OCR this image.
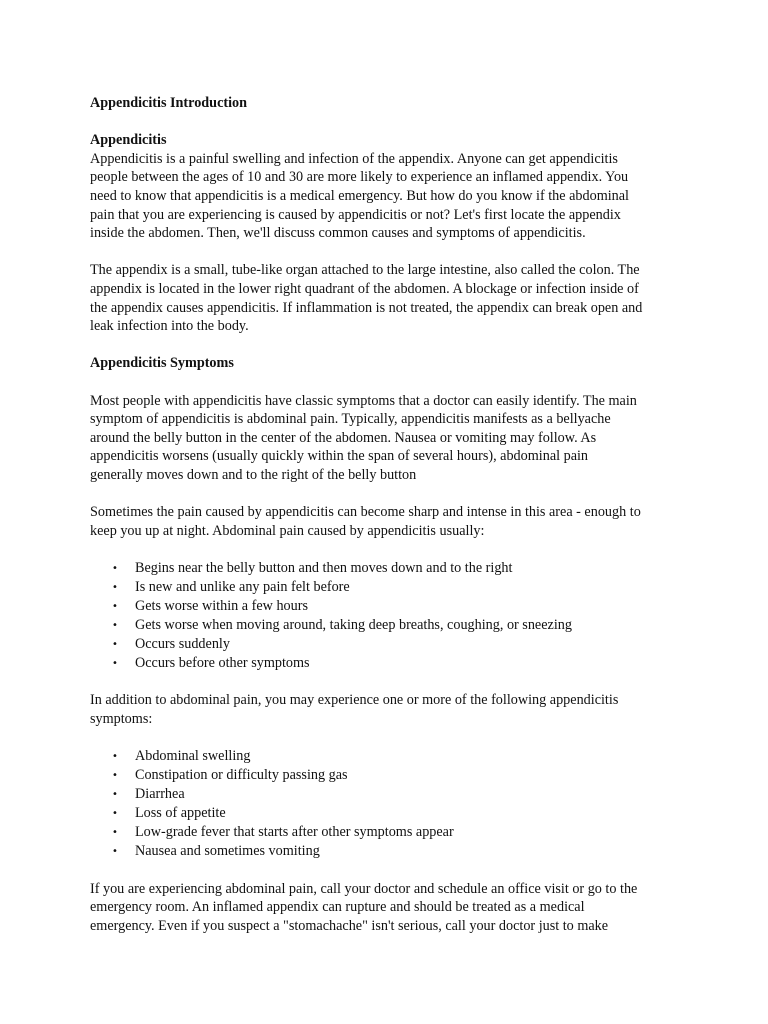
Appendicitis Introduction
Appendicitis
Appendicitis is a painful swelling and infection of the appendix. Anyone can get appendicitis
people between the ages of 10 and 30 are more likely to experience an inflamed appendix. You
need to know that appendicitis is a medical emergency. But how do you know if the abdominal
pain that you are experiencing is caused by appendicitis or not? Let's first locate the appendix
inside the abdomen. Then, we'll discuss common causes and symptoms of appendicitis.
The appendix is a small, tube-like organ attached to the large intestine, also called the colon. The
appendix is located in the lower right quadrant of the abdomen. A blockage or infection inside of
the appendix causes appendicitis. If inflammation is not treated, the appendix can break open and
leak infection into the body.
Appendicitis Symptoms
Most people with appendicitis have classic symptoms that a doctor can easily identify. The main
symptom of appendicitis is abdominal pain. Typically, appendicitis manifests as a bellyache
around the belly button in the center of the abdomen. Nausea or vomiting may follow. As
appendicitis worsens (usually quickly within the span of several hours), abdominal pain
generally moves down and to the right of the belly button
Sometimes the pain caused by appendicitis can become sharp and intense in this area - enough to
keep you up at night. Abdominal pain caused by appendicitis usually:
• Begins near the belly button and then moves down and to the right
• Is new and unlike any pain felt before
• Gets worse within a few hours
• Gets worse when moving around, taking deep breaths, coughing, or sneezing
• Occurs suddenly
• Occurs before other symptoms
In addition to abdominal pain, you may experience one or more of the following appendicitis
symptoms:
• Abdominal swelling
• Constipation or difficulty passing gas
• Diarrhea
• Loss of appetite
• Low-grade fever that starts after other symptoms appear
• Nausea and sometimes vomiting
If you are experiencing abdominal pain, call your doctor and schedule an office visit or go to the
emergency room. An inflamed appendix can rupture and should be treated as a medical
emergency. Even if you suspect a "stomachache" isn't serious, call your doctor just to make
